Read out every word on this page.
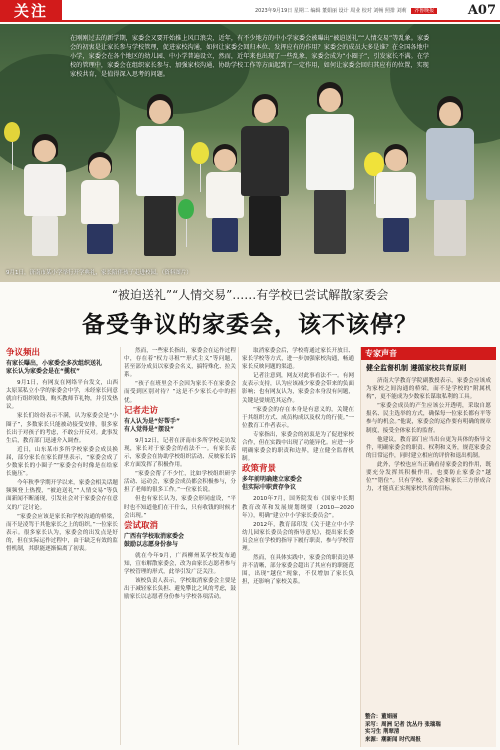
关注	2023年9月19日 星期二 编辑 董娟丽 设计 周业 校对 刘畅 照排 刘莉 齐鲁晚报	A07
在刚刚过去的新学期，家委会又要开始推上风口浪尖，近年，有不少地方的中小学家委会被曝出“被迫送礼”“人情交易”等乱象。家委会的初衷是让家长参与学校管理，促进家校沟通，如何让家委会回归本位、发挥应有的作用？家委会的成员大多是谁？在全国各地中小学，家委会在各个地区的幼儿园、中小学普遍设立，然而，近年来也出现了一些乱象，家委会成为“小圈子”，引发家长不满。在学校的管理中，家委会在组织家长参与、加强家校沟通、协助学校工作等方面起到了一定作用，如何让家委会回归其应有的位置，实现家校共育，是值得深入思考的问题。
9月1日，济南市某小学举行开学典礼，家长陪伴孩子走进校园。（资料图片）
“被迫送礼”“人情交易”……有学校已尝试解散家委会
备受争议的家委会，该不该停？
争议频出
有家长曝出，小家委会多次组织送礼
家长认为家委会是在“揽权”

9月1日，有网友在网络平台发文，山西太原某私立小学的家委会中学，未经家长同意就自行组织收钱，购买教师节礼物，并引发热议。

家长们纷纷表示不满，认为家委会是“小圈子”，多数家长只能被动接受安排，很多家长出于对孩子的考虑，不敢公开反对。此事发生后，教育部门迅速介入调查。

近日，山东某市多所学校家委会成员换届，部分家长在家长群里表示，“家委会成了少数家长的小圈子”“家委会有时像是在给家长施压”。

今年秋季学期开学以来，家委会相关话题频频登上热搜，“被迫送礼”“人情交易”等负面新闻不断涌现，引发社会对于家委会存在意义的广泛讨论。

“家委会应该是家长和学校沟通的桥梁，而不是凌驾于其他家长之上的组织。”一位家长表示。很多家长认为，家委会的出发点是好的，但在实际运作过程中，由于缺乏有效的监督机制，其职能逐渐偏离了初衷。

然而，一些家长指出，家委会在运作过程中，存在着“权力寻租”“形式主义”等问题，甚至部分成员以家委会名义，搞特殊化、拉关系。

“孩子在班里会不会因为家长不在家委会而受到区别对待？”这是不少家长心中的担忧。

记者走访
有人认为是“好帮手”
有人觉得是“摆设”

9月12日，记者在济南市多所学校走访发现，家长对于家委会的看法不一。有家长表示，家委会在协助学校组织活动、反映家长诉求方面发挥了积极作用。

“家委会帮了不少忙，比如学校组织研学活动、运动会，家委会成员都会积极参与，分担了老师的很多工作。”一位家长说。

但也有家长认为，家委会形同虚设，“平时也不知道他们在干什么，只有收钱的时候才会出现。”

尝试取消
广西有学校取消家委会
鼓励以志愿身份参与

就在今年9月，广西柳州某学校发布通知，宣布解散家委会，改为由家长志愿者参与学校管理的形式，此举引发广泛关注。

该校负责人表示，学校取消家委会主要是出于减轻家长负担、避免攀比之风的考虑，鼓励家长以志愿者身份参与学校各项活动。

取消家委会后，学校将通过家长开放日、家长学校等方式，进一步加强家校沟通，畅通家长反映问题的渠道。

记者注意到，网友对此事看法不一。有网友表示支持，认为应该减少家委会带来的负面影响；也有网友认为，家委会本身没有问题，关键是要规范其运作。

“家委会的存在本身是有意义的，关键在于其组织方式、成员构成以及权力的行使。”一位教育工作者表示。

专家指出，家委会的初衷是为了促进家校合作，但在实践中出现了功能异化。应进一步明确家委会的职责和边界，建立健全监督机制。

政策背景
多年前明确建立家委会
但实际中职责存争议

2010年7月，国务院发布《国家中长期教育改革和发展规划纲要（2010—2020年）》，明确“建立中小学家长委员会”。

2012年，教育部印发《关于建立中小学幼儿园家长委员会的指导意见》，提出家长委员会应在学校的指导下履行职责，参与学校管理。

然而，在具体实践中，家委会的职责边界并不清晰，部分家委会超出了其应有的职能范围，出现“越位”现象，不仅增加了家长负担，还影响了家校关系。

专家声音
健全监督机制 遵循家校共育原则

济南大学教育学院副教授表示，家委会应该成为家校之间沟通的桥梁，而不是学校的“附属机构”，更不能成为少数家长谋取私利的工具。

“家委会成员的产生应该公开透明，采取自愿报名、民主选举的方式，确保每一位家长都有平等参与的机会。”他说，家委会的运作要有明确的规章制度，接受全体家长的监督。

他建议，教育部门应当出台更为具体的指导文件，明确家委会的职责、权利和义务，规范家委会的日常运作，同时建立相应的评价和退出机制。

此外，学校也应当正确看待家委会的作用，既要充分发挥其积极作用，也要防止家委会“越位”“错位”。只有学校、家委会和家长三方形成合力，才能真正实现家校共育的目标。

整合：董娟丽
采写：周洲 记者 沈丛丹 张瑞瑞
实习生 荆翠清
来源：潮新闻 时代周报
